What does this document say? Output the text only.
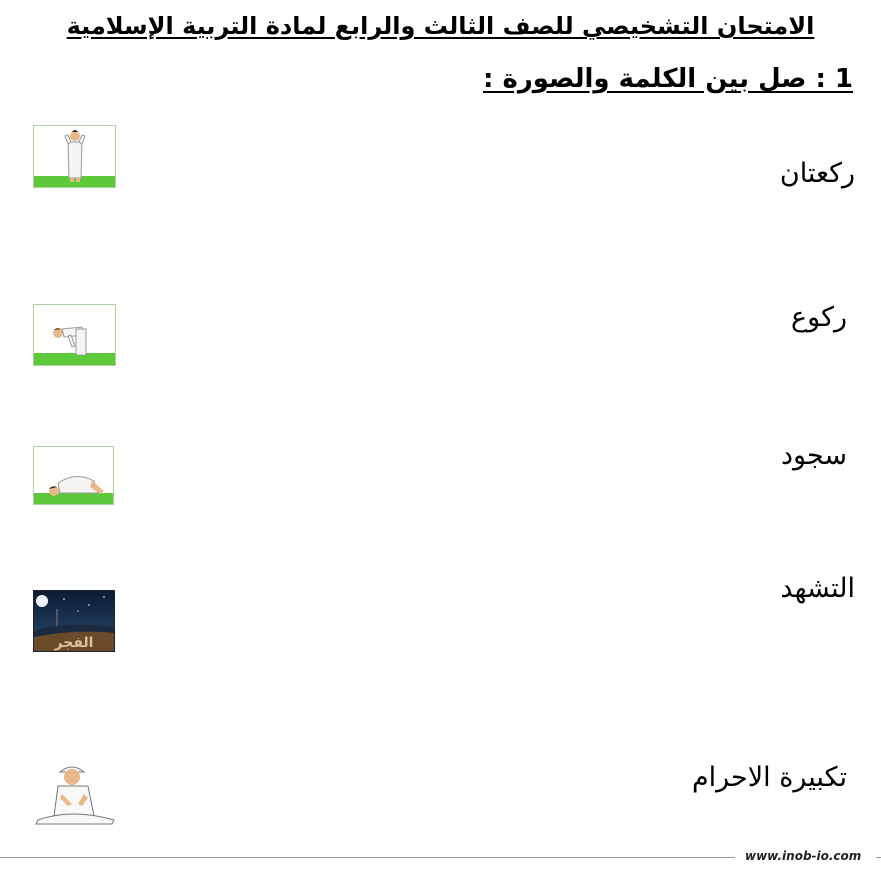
الامتحان التشخيصي للصف الثالث والرابع لمادة التربية الإسلامية
1 : صل بين الكلمة والصورة :
ركعتان
ركوع
سجود
التشهد
تكبيرة الاحرام
الفجر
www.inob-io.com
